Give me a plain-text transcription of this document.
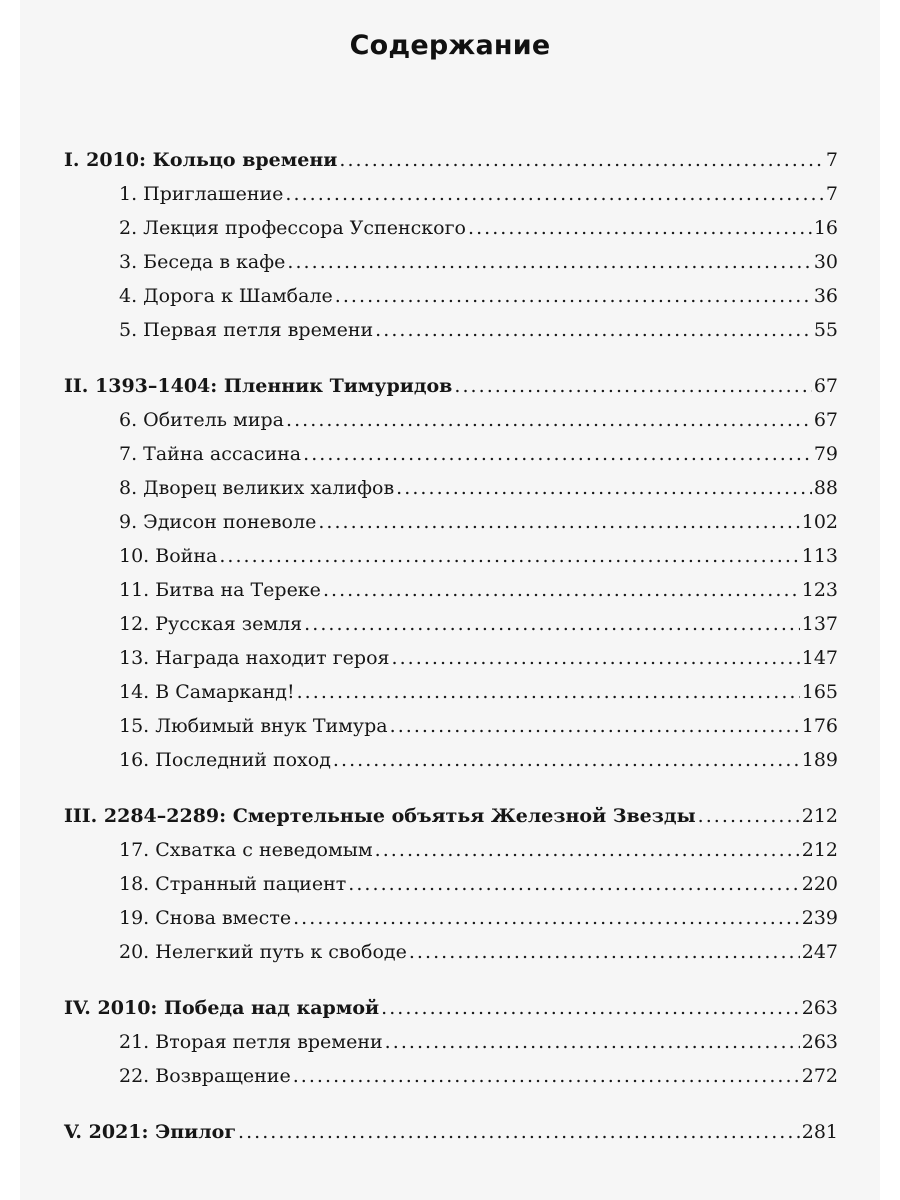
Содержание
I. 2010: Кольцо времени . . .	7
1. Приглашение . . .	7
2. Лекция профессора Успенского . . .	16
3. Беседа в кафе . . .	30
4. Дорога к Шамбале . . .	36
5. Первая петля времени . . .	55
II. 1393–1404: Пленник Тимуридов . . .	67
6. Обитель мира . . .	67
7. Тайна ассасина . . .	79
8. Дворец великих халифов . . .	88
9. Эдисон поневоле . . .	102
10. Война . . .	113
11. Битва на Тереке . . .	123
12. Русская земля . . .	137
13. Награда находит героя . . .	147
14. В Самарканд! . . .	165
15. Любимый внук Тимура . . .	176
16. Последний поход . . .	189
III. 2284–2289: Смертельные объятья Железной Звезды . . .	212
17. Схватка с неведомым . . .	212
18. Странный пациент . . .	220
19. Снова вместе . . .	239
20. Нелегкий путь к свободе . . .	247
IV. 2010: Победа над кармой . . .	263
21. Вторая петля времени . . .	263
22. Возвращение . . .	272
V. 2021: Эпилог . . .	281
